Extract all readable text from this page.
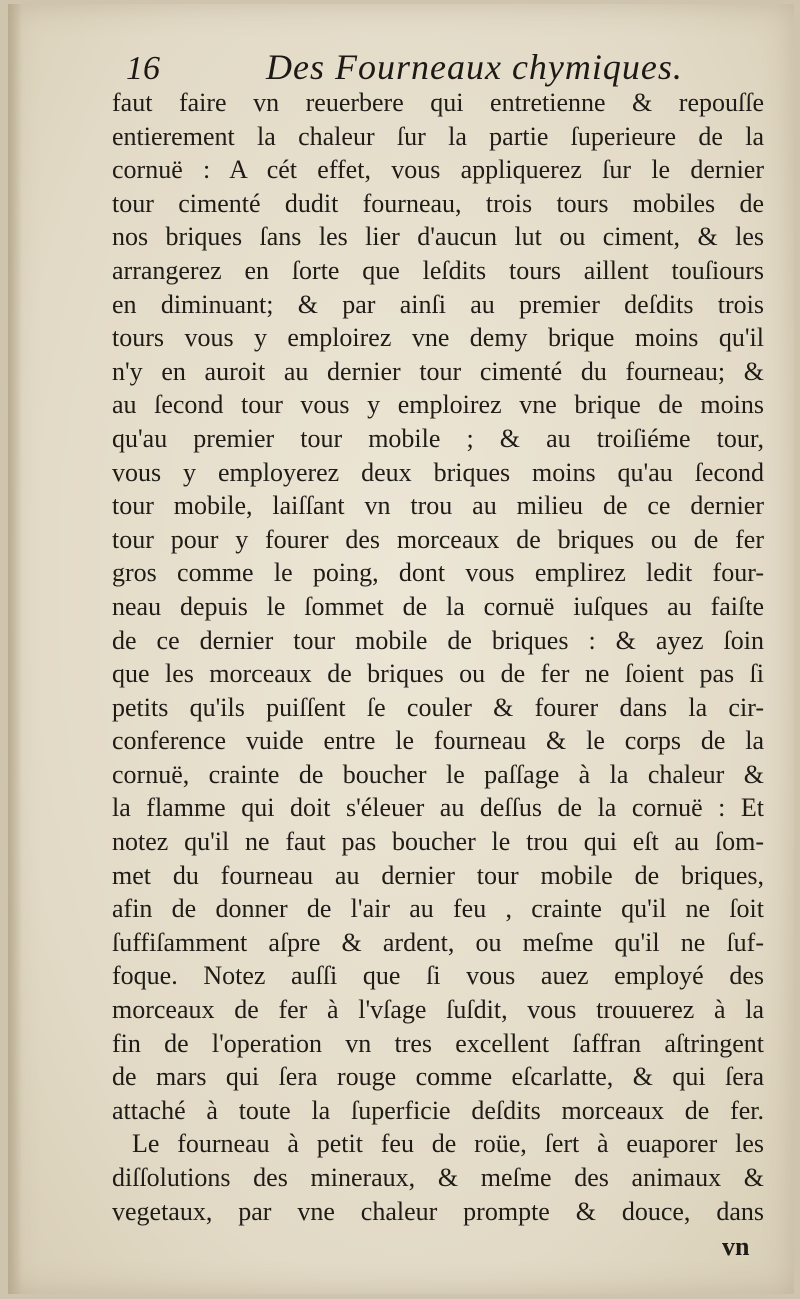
16	Des Fourneaux chymiques.
faut faire vn reuerbere qui entretienne & repouſſe
entierement la chaleur ſur la partie ſuperieure de la
cornuë : A cét effet, vous appliquerez ſur le dernier
tour cimenté dudit fourneau, trois tours mobiles de
nos briques ſans les lier d'aucun lut ou ciment, & les
arrangerez en ſorte que leſdits tours aillent touſiours
en diminuant; & par ainſi au premier deſdits trois
tours vous y emploirez vne demy brique moins qu'il
n'y en auroit au dernier tour cimenté du fourneau; &
au ſecond tour vous y emploirez vne brique de moins
qu'au premier tour mobile ; & au troiſiéme tour,
vous y employerez deux briques moins qu'au ſecond
tour mobile, laiſſant vn trou au milieu de ce dernier
tour pour y fourer des morceaux de briques ou de fer
gros comme le poing, dont vous emplirez ledit four-
neau depuis le ſommet de la cornuë iuſques au faiſte
de ce dernier tour mobile de briques : & ayez ſoin
que les morceaux de briques ou de fer ne ſoient pas ſi
petits qu'ils puiſſent ſe couler & fourer dans la cir-
conference vuide entre le fourneau & le corps de la
cornuë, crainte de boucher le paſſage à la chaleur &
la flamme qui doit s'éleuer au deſſus de la cornuë : Et
notez qu'il ne faut pas boucher le trou qui eſt au ſom-
met du fourneau au dernier tour mobile de briques,
afin de donner de l'air au feu , crainte qu'il ne ſoit
ſuffiſamment aſpre & ardent, ou meſme qu'il ne ſuf-
foque. Notez auſſi que ſi vous auez employé des
morceaux de fer à l'vſage ſuſdit, vous trouuerez à la
fin de l'operation vn tres excellent ſaffran aſtringent
de mars qui ſera rouge comme eſcarlatte, & qui ſera
attaché à toute la ſuperficie deſdits morceaux de fer.
Le fourneau à petit feu de roüe, ſert à euaporer les
diſſolutions des mineraux, & meſme des animaux &
vegetaux, par vne chaleur prompte & douce, dans
vn
